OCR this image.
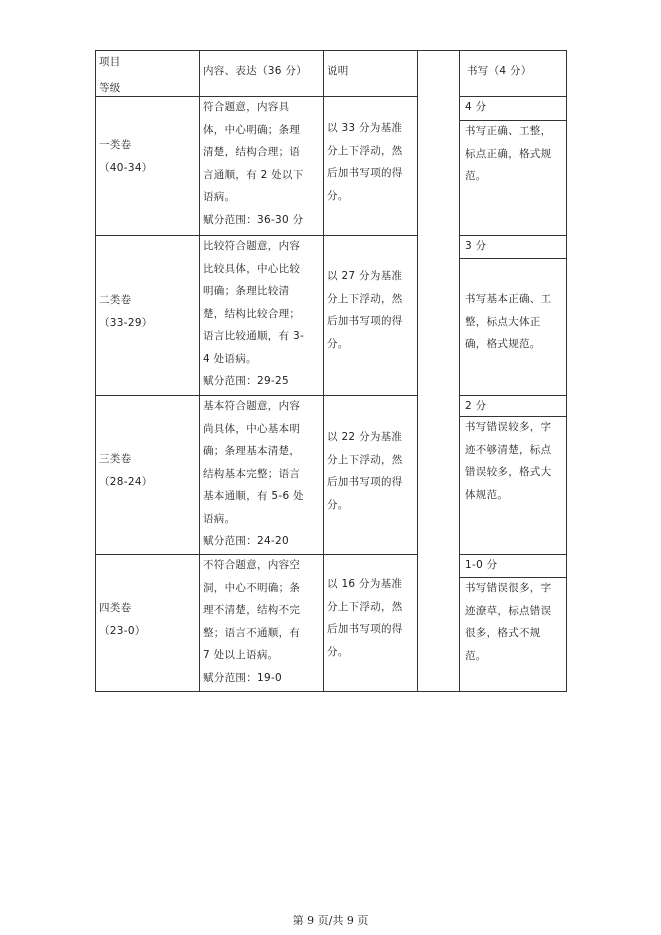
项目
等级
内容、表达（36 分）	说明	书写（4 分）
一类卷
（40-34）
符合题意，内容具
体，中心明确；条理
清楚，结构合理；语
言通顺，有 2 处以下
语病。
赋分范围：36-30 分
以 33 分为基准
分上下浮动，然
后加书写项的得
分。
4 分
书写正确、工整，
标点正确，格式规
范。
二类卷
（33-29）
比较符合题意，内容
比较具体，中心比较
明确；条理比较清
楚，结构比较合理；
语言比较通顺，有 3-
4 处语病。
赋分范围：29-25
以 27 分为基准
分上下浮动，然
后加书写项的得
分。
3 分
书写基本正确、工
整，标点大体正
确，格式规范。
三类卷
（28-24）
基本符合题意，内容
尚具体，中心基本明
确；条理基本清楚，
结构基本完整；语言
基本通顺，有 5-6 处
语病。
赋分范围：24-20
以 22 分为基准
分上下浮动，然
后加书写项的得
分。
2 分
书写错误较多，字
迹不够清楚，标点
错误较多，格式大
体规范。
四类卷
（23-0）
不符合题意，内容空
洞，中心不明确；条
理不清楚，结构不完
整；语言不通顺，有
7 处以上语病。
赋分范围：19-0
以 16 分为基准
分上下浮动，然
后加书写项的得
分。
1-0 分
书写错误很多，字
迹潦草，标点错误
很多，格式不规
范。
第 9 页/共 9 页
